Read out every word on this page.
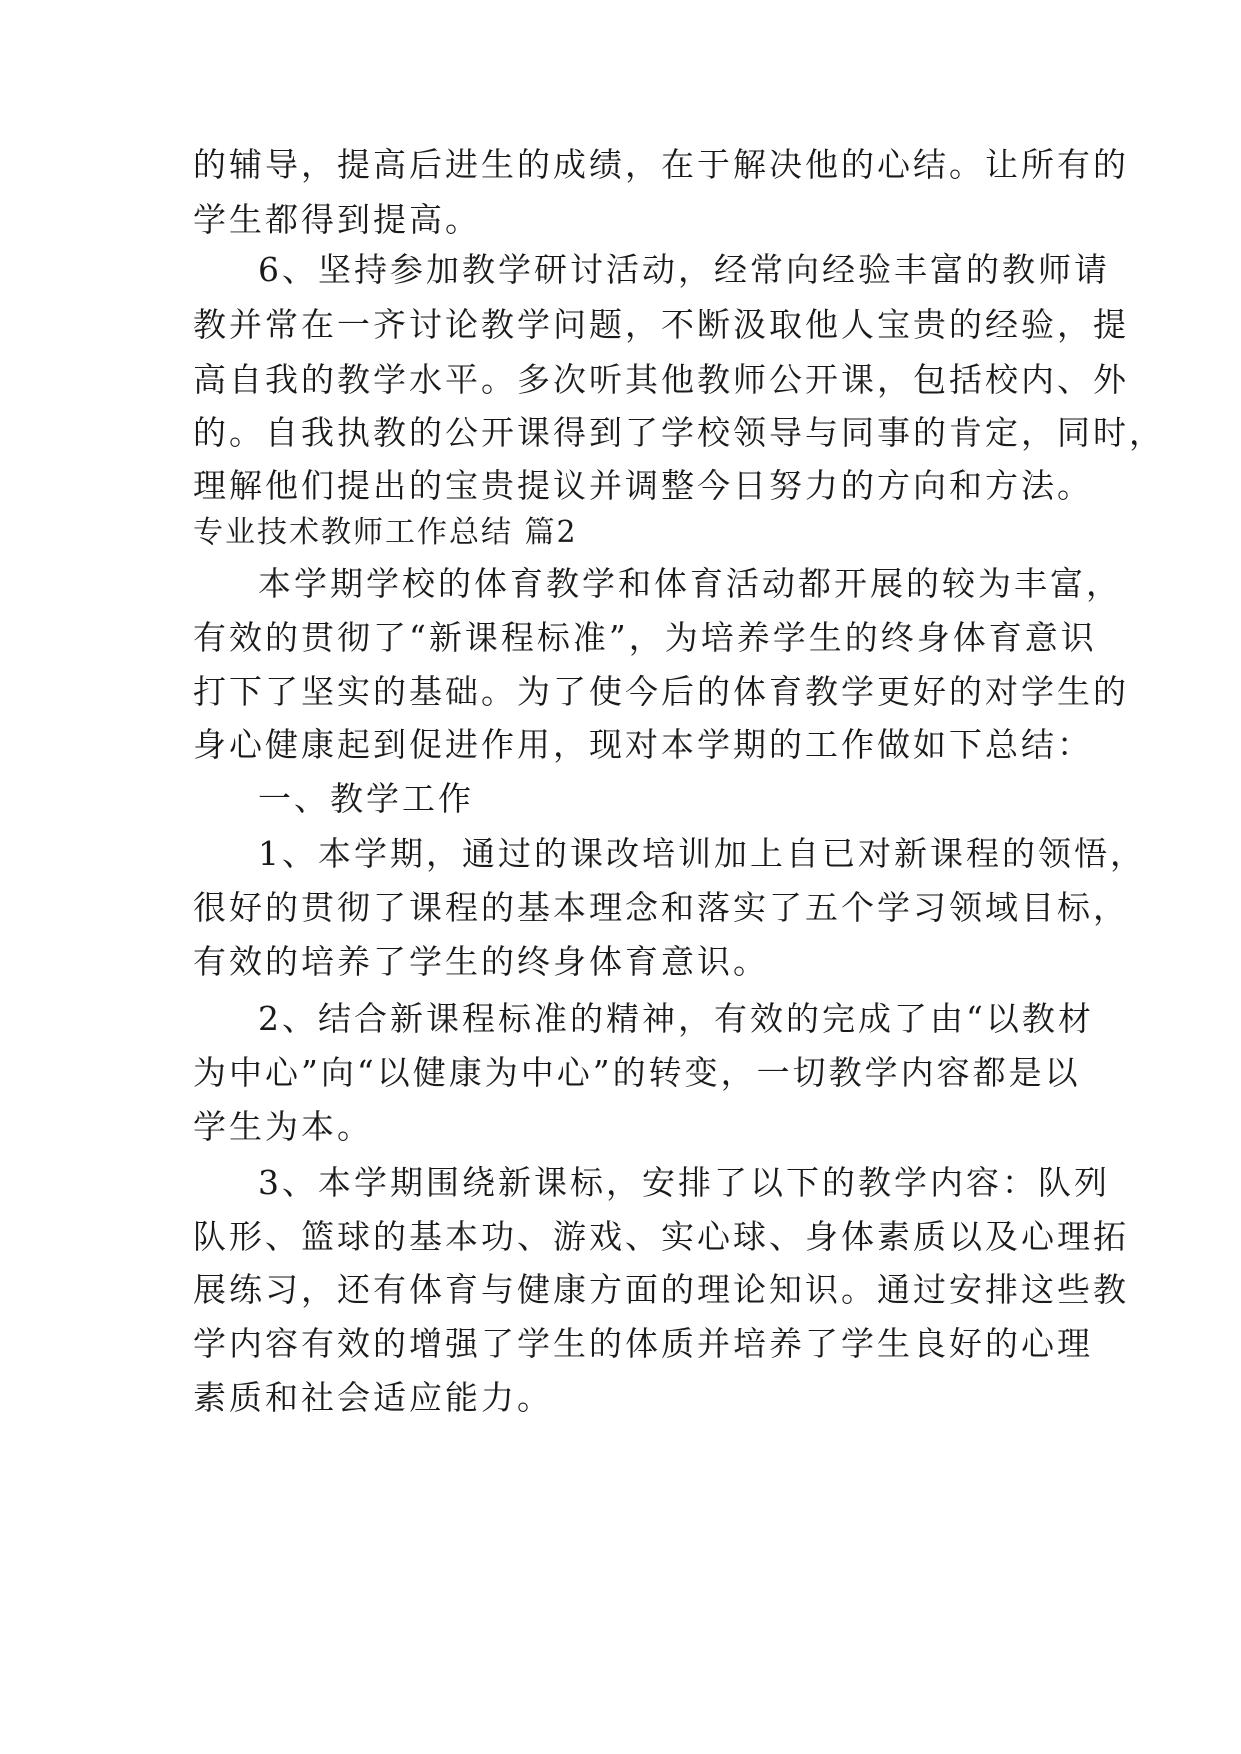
的辅导，提高后进生的成绩，在于解决他的心结。让所有的
学生都得到提高。
6、坚持参加教学研讨活动，经常向经验丰富的教师请
教并常在一齐讨论教学问题，不断汲取他人宝贵的经验，提
高自我的教学水平。多次听其他教师公开课，包括校内、外
的。自我执教的公开课得到了学校领导与同事的肯定，同时，
理解他们提出的宝贵提议并调整今日努力的方向和方法。
专业技术教师工作总结 篇2
本学期学校的体育教学和体育活动都开展的较为丰富，
有效的贯彻了“新课程标准”，为培养学生的终身体育意识
打下了坚实的基础。为了使今后的体育教学更好的对学生的
身心健康起到促进作用，现对本学期的工作做如下总结：
一、教学工作
1、本学期，通过的课改培训加上自已对新课程的领悟，
很好的贯彻了课程的基本理念和落实了五个学习领域目标，
有效的培养了学生的终身体育意识。
2、结合新课程标准的精神，有效的完成了由“以教材
为中心”向“以健康为中心”的转变，一切教学内容都是以
学生为本。
3、本学期围绕新课标，安排了以下的教学内容：队列
队形、篮球的基本功、游戏、实心球、身体素质以及心理拓
展练习，还有体育与健康方面的理论知识。通过安排这些教
学内容有效的增强了学生的体质并培养了学生良好的心理
素质和社会适应能力。
